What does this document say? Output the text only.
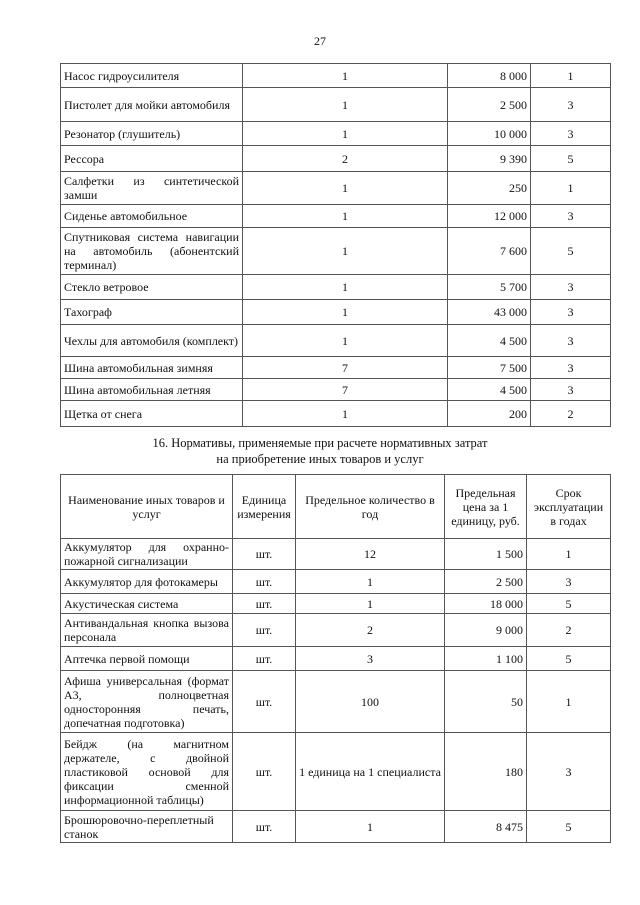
27
Насос гидроусилителя	1	8 000	1
Пистолет для мойки автомобиля	1	2 500	3
Резонатор (глушитель)	1	10 000	3
Рессора	2	9 390	5
Салфетки из синтетической замши	1	250	1
Сиденье автомобильное	1	12 000	3
Спутниковая система навигации на автомобиль (абонентский терминал)	1	7 600	5
Стекло ветровое	1	5 700	3
Тахограф	1	43 000	3
Чехлы для автомобиля (комплект)	1	4 500	3
Шина автомобильная зимняя	7	7 500	3
Шина автомобильная летняя	7	4 500	3
Щетка от снега	1	200	2
16. Нормативы, применяемые при расчете нормативных затрат
на приобретение иных товаров и услуг
Наименование иных товаров и услуг	Единица измерения	Предельное количество в год	Предельная цена за 1 единицу, руб.	Срок эксплуатации в годах
Аккумулятор для охранно-пожарной сигнализации	шт.	12	1 500	1
Аккумулятор для фотокамеры	шт.	1	2 500	3
Акустическая система	шт.	1	18 000	5
Антивандальная кнопка вызова персонала	шт.	2	9 000	2
Аптечка первой помощи	шт.	3	1 100	5
Афиша универсальная (формат А3, полноцветная односторонняя печать, допечатная подготовка)	шт.	100	50	1
Бейдж (на магнитном держателе, с двойной пластиковой основой для фиксации сменной информационной таблицы)	шт.	1 единица на 1 специалиста	180	3
Брошюровочно-переплетный станок	шт.	1	8 475	5
